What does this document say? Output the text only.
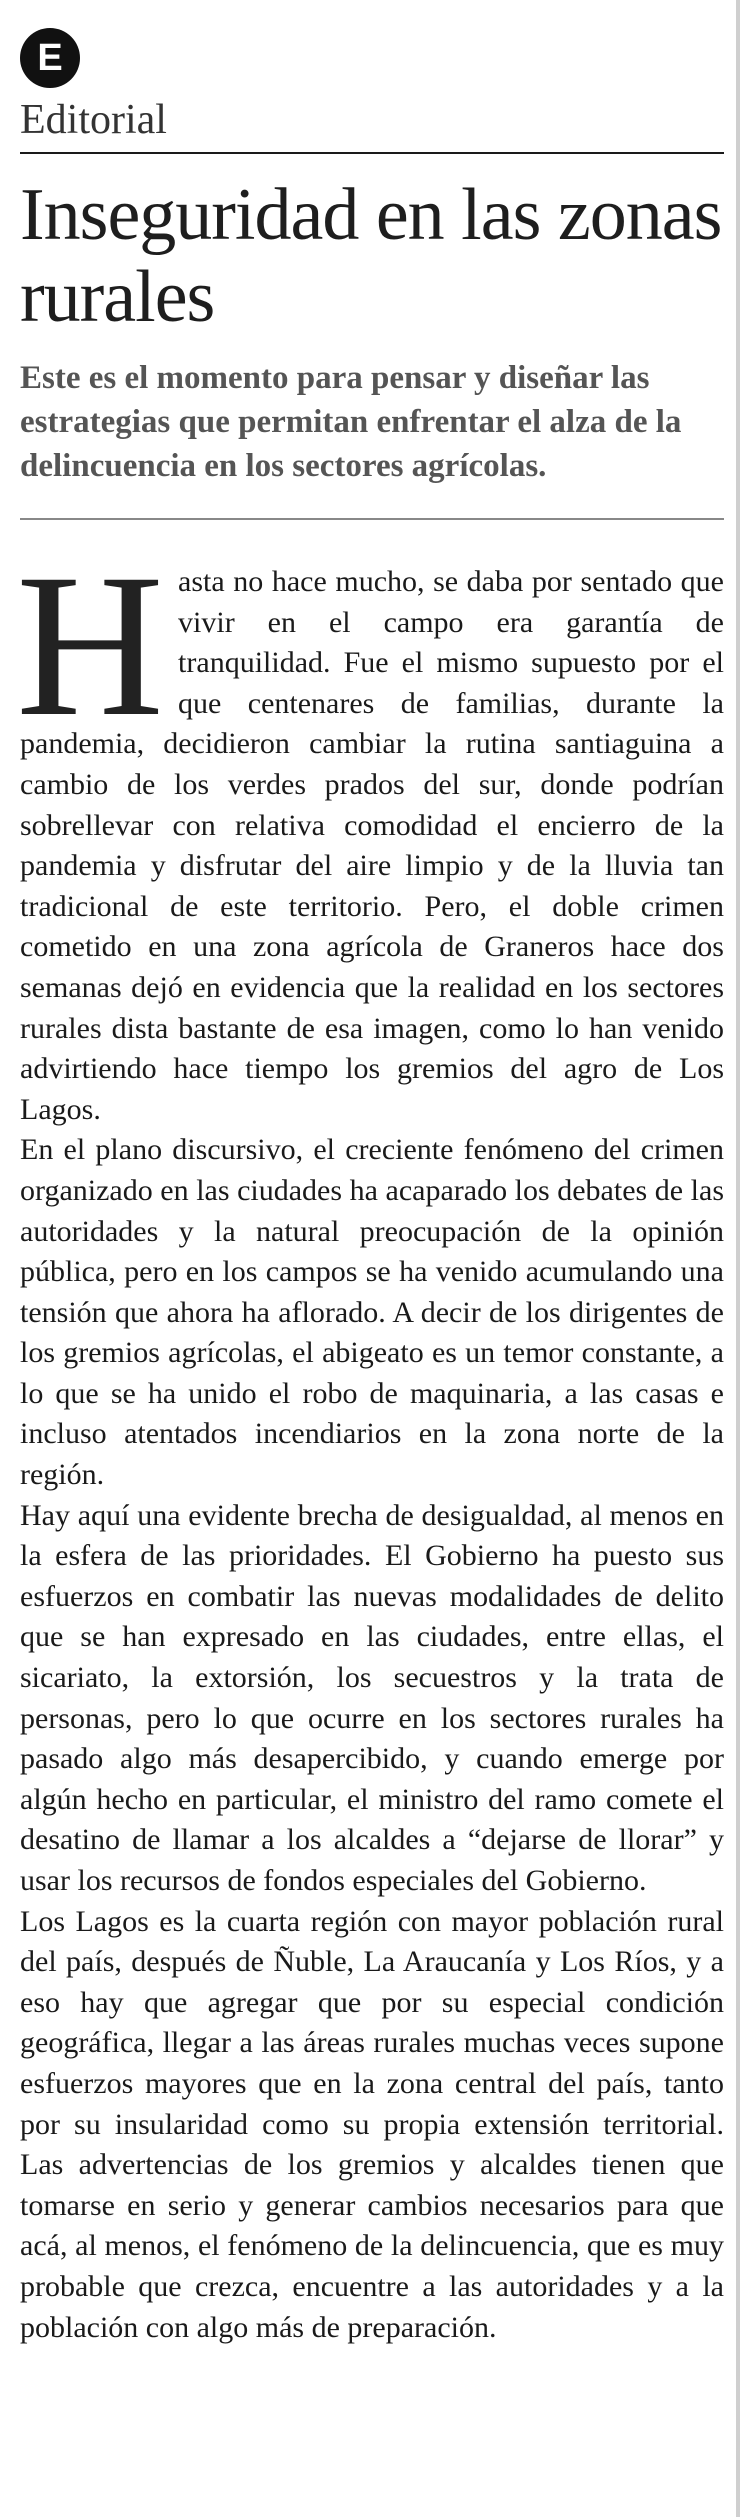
E
Editorial
Inseguridad en las zonas rurales
Este es el momento para pensar y diseñar las estrategias que permitan enfrentar el alza de la delincuencia en los sectores agrícolas.

Hasta no hace mucho, se daba por sentado que vivir en el campo era garantía de tranquilidad. Fue el mismo supuesto por el que centenares de familias, durante la pandemia, decidieron cambiar la rutina santiaguina a cambio de los verdes prados del sur, donde podrían sobrellevar con relativa comodidad el encierro de la pandemia y disfrutar del aire limpio y de la lluvia tan tradicional de este territorio. Pero, el doble crimen cometido en una zona agrícola de Graneros hace dos semanas dejó en evidencia que la realidad en los sectores rurales dista bastante de esa imagen, como lo han venido advirtiendo hace tiempo los gremios del agro de Los Lagos.

En el plano discursivo, el creciente fenómeno del crimen organizado en las ciudades ha acaparado los debates de las autoridades y la natural preocupación de la opinión pública, pero en los campos se ha venido acumulando una tensión que ahora ha aflorado. A decir de los dirigentes de los gremios agrícolas, el abigeato es un temor constante, a lo que se ha unido el robo de maquinaria, a las casas e incluso atentados incendiarios en la zona norte de la región.

Hay aquí una evidente brecha de desigualdad, al menos en la esfera de las prioridades. El Gobierno ha puesto sus esfuerzos en combatir las nuevas modalidades de delito que se han expresado en las ciudades, entre ellas, el sicariato, la extorsión, los secuestros y la trata de personas, pero lo que ocurre en los sectores rurales ha pasado algo más desapercibido, y cuando emerge por algún hecho en particular, el ministro del ramo comete el desatino de llamar a los alcaldes a “dejarse de llorar” y usar los recursos de fondos especiales del Gobierno.

Los Lagos es la cuarta región con mayor población rural del país, después de Ñuble, La Araucanía y Los Ríos, y a eso hay que agregar que por su especial condición geográfica, llegar a las áreas rurales muchas veces supone esfuerzos mayores que en la zona central del país, tanto por su insularidad como su propia extensión territorial. Las advertencias de los gremios y alcaldes tienen que tomarse en serio y generar cambios necesarios para que acá, al menos, el fenómeno de la delincuencia, que es muy probable que crezca, encuentre a las autoridades y a la población con algo más de preparación.
